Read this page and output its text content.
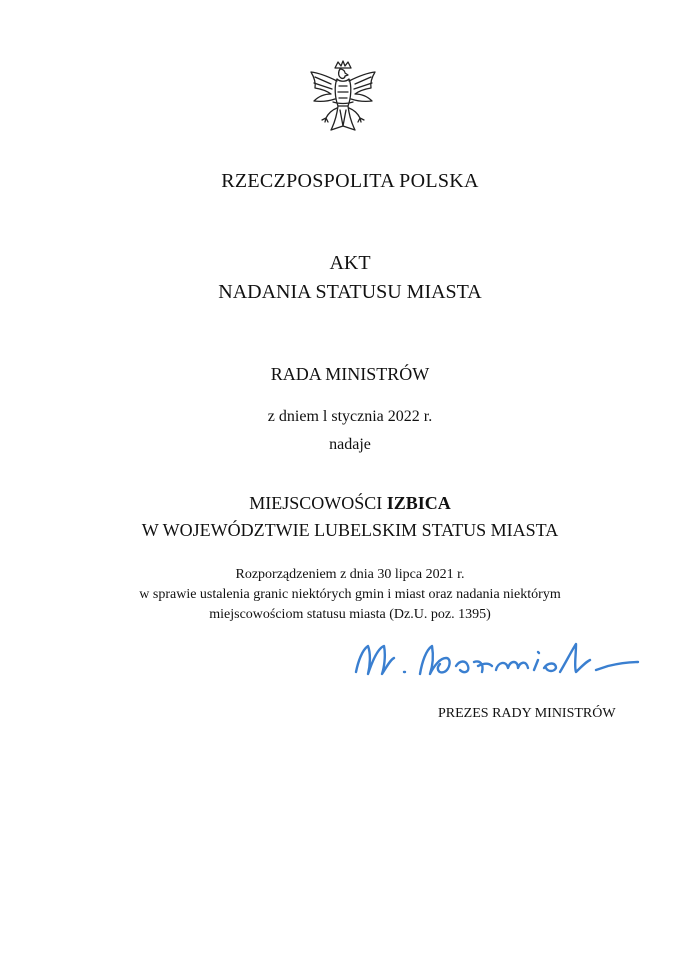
RZECZPOSPOLITA POLSKA
AKT
NADANIA STATUSU MIASTA
RADA MINISTRÓW
z dniem l stycznia 2022 r.
nadaje
MIEJSCOWOŚCI IZBICA
W WOJEWÓDZTWIE LUBELSKIM STATUS MIASTA
Rozporządzeniem z dnia 30 lipca 2021 r.
w sprawie ustalenia granic niektórych gmin i miast oraz nadania niektórym
miejscowościom statusu miasta (Dz.U. poz. 1395)
PREZES RADY MINISTRÓW
